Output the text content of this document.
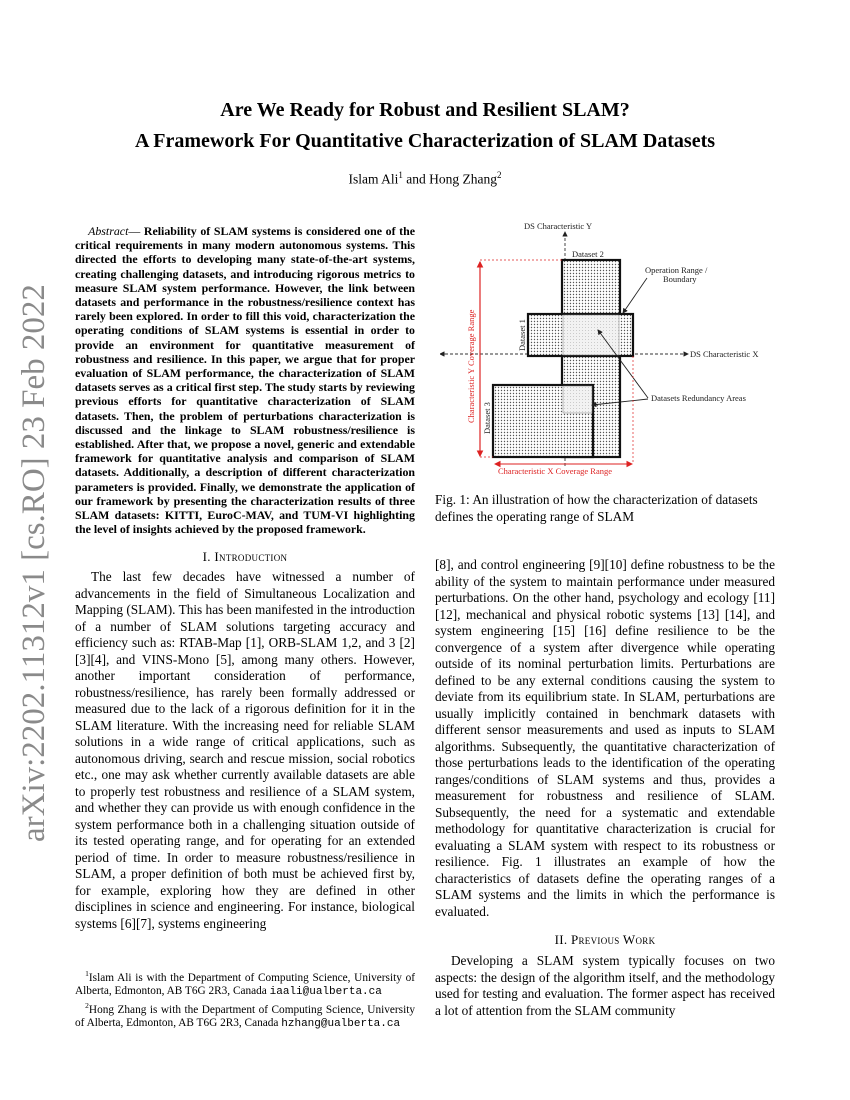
arXiv:2202.11312v1 [cs.RO] 23 Feb 2022
Are We Ready for Robust and Resilient SLAM?
A Framework For Quantitative Characterization of SLAM Datasets
Islam Ali$^1$ and Hong Zhang$^2$

Abstract— Reliability of SLAM systems is considered one of the critical requirements in many modern autonomous systems. This directed the efforts to developing many state-of-the-art systems, creating challenging datasets, and introducing rigorous metrics to measure SLAM system performance. However, the link between datasets and performance in the robustness/resilience context has rarely been explored. In order to fill this void, characterization the operating conditions of SLAM systems is essential in order to provide an environment for quantitative measurement of robustness and resilience. In this paper, we argue that for proper evaluation of SLAM performance, the characterization of SLAM datasets serves as a critical first step. The study starts by reviewing previous efforts for quantitative characterization of SLAM datasets. Then, the problem of perturbations characterization is discussed and the linkage to SLAM robustness/resilience is established. After that, we propose a novel, generic and extendable framework for quantitative analysis and comparison of SLAM datasets. Additionally, a description of different characterization parameters is provided. Finally, we demonstrate the application of our framework by presenting the characterization results of three SLAM datasets: KITTI, EuroC-MAV, and TUM-VI highlighting the level of insights achieved by the proposed framework.

I. Introduction

The last few decades have witnessed a number of advancements in the field of Simultaneous Localization and Mapping (SLAM). This has been manifested in the introduction of a number of SLAM solutions targeting accuracy and efficiency such as: RTAB-Map [1], ORB-SLAM 1,2, and 3 [2][3][4], and VINS-Mono [5], among many others. However, another important consideration of performance, robustness/resilience, has rarely been formally addressed or measured due to the lack of a rigorous definition for it in the SLAM literature. With the increasing need for reliable SLAM solutions in a wide range of critical applications, such as autonomous driving, search and rescue mission, social robotics etc., one may ask whether currently available datasets are able to properly test robustness and resilience of a SLAM system, and whether they can provide us with enough confidence in the system performance both in a challenging situation outside of its tested operating range, and for operating for an extended period of time. In order to measure robustness/resilience in SLAM, a proper definition of both must be achieved first by, for example, exploring how they are defined in other disciplines in science and engineering. For instance, biological systems [6][7], systems engineering

$^1$Islam Ali is with the Department of Computing Science, University of Alberta, Edmonton, AB T6G 2R3, Canada iaali@ualberta.ca

$^2$Hong Zhang is with the Department of Computing Science, University of Alberta, Edmonton, AB T6G 2R3, Canada hzhang@ualberta.ca

DS Characteristic Y
DS Characteristic X
Dataset 2
Dataset 1
Dataset 3
Operation Range /
Boundary
Datasets Redundancy Areas
Characteristic Y Coverage Range
Characteristic X Coverage Range

Fig. 1: An illustration of how the characterization of datasets defines the operating range of SLAM

[8], and control engineering [9][10] define robustness to be the ability of the system to maintain performance under measured perturbations. On the other hand, psychology and ecology [11] [12], mechanical and physical robotic systems [13] [14], and system engineering [15] [16] define resilience to be the convergence of a system after divergence while operating outside of its nominal perturbation limits. Perturbations are defined to be any external conditions causing the system to deviate from its equilibrium state. In SLAM, perturbations are usually implicitly contained in benchmark datasets with different sensor measurements and used as inputs to SLAM algorithms. Subsequently, the quantitative characterization of those perturbations leads to the identification of the operating ranges/conditions of SLAM systems and thus, provides a measurement for robustness and resilience of SLAM. Subsequently, the need for a systematic and extendable methodology for quantitative characterization is crucial for evaluating a SLAM system with respect to its robustness or resilience. Fig. 1 illustrates an example of how the characteristics of datasets define the operating ranges of a SLAM systems and the limits in which the performance is evaluated.

II. Previous Work

Developing a SLAM system typically focuses on two aspects: the design of the algorithm itself, and the methodology used for testing and evaluation. The former aspect has received a lot of attention from the SLAM community
